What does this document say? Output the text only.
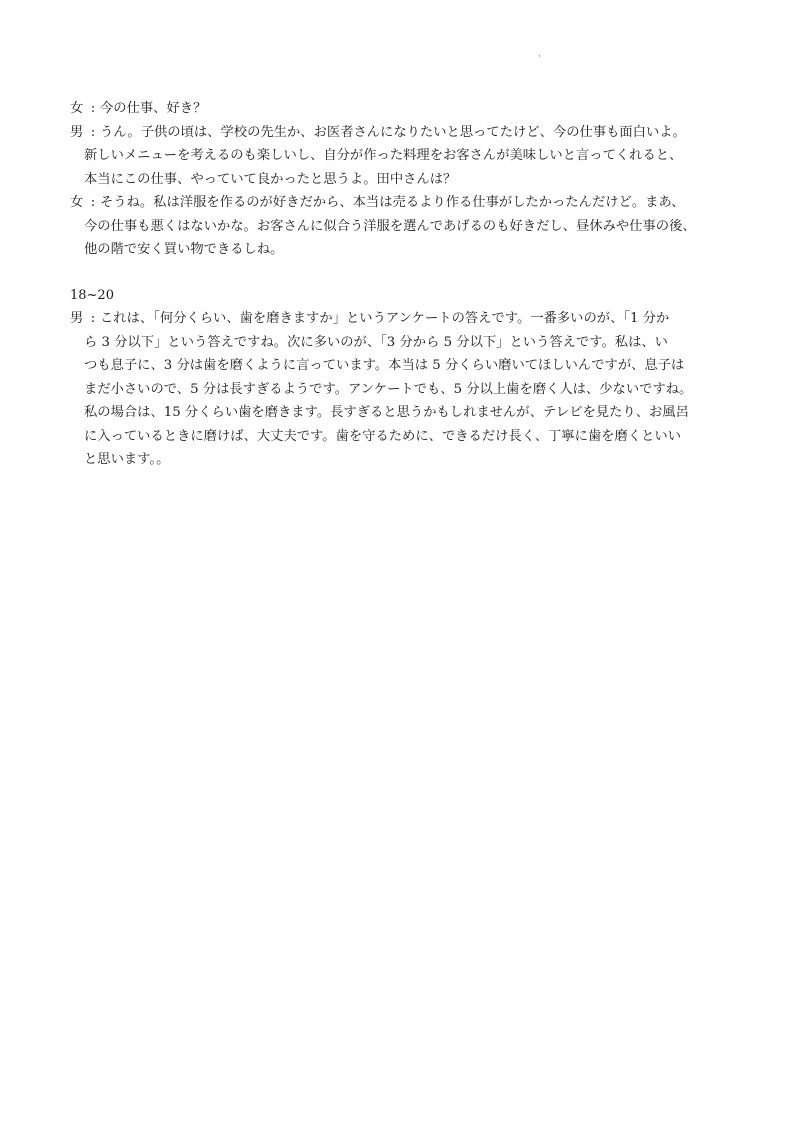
·
女 : 今の仕事、好き？
男 : うん。子供の頃は、学校の先生か、お医者さんになりたいと思ってたけど、今の仕事も面白いよ。
新しいメニューを考えるのも楽しいし、自分が作った料理をお客さんが美味しいと言ってくれると、
本当にこの仕事、やっていて良かったと思うよ。田中さんは？
女 : そうね。私は洋服を作るのが好きだから、本当は売るより作る仕事がしたかったんだけど。まあ、
今の仕事も悪くはないかな。お客さんに似合う洋服を選んであげるのも好きだし、昼休みや仕事の後、
他の階で安く買い物できるしね。
18~20
男 : これは、「何分くらい、歯を磨きますか」というアンケートの答えです。一番多いのが、「1 分か
ら 3 分以下」という答えですね。次に多いのが、「3 分から 5 分以下」という答えです。私は、い
つも息子に、3 分は歯を磨くように言っています。本当は 5 分くらい磨いてほしいんですが、息子は
まだ小さいので、5 分は長すぎるようです。アンケートでも、5 分以上歯を磨く人は、少ないですね。
私の場合は、15 分くらい歯を磨きます。長すぎると思うかもしれませんが、テレビを見たり、お風呂
に入っているときに磨けば、大丈夫です。歯を守るために、できるだけ長く、丁寧に歯を磨くといい
と思います。。
